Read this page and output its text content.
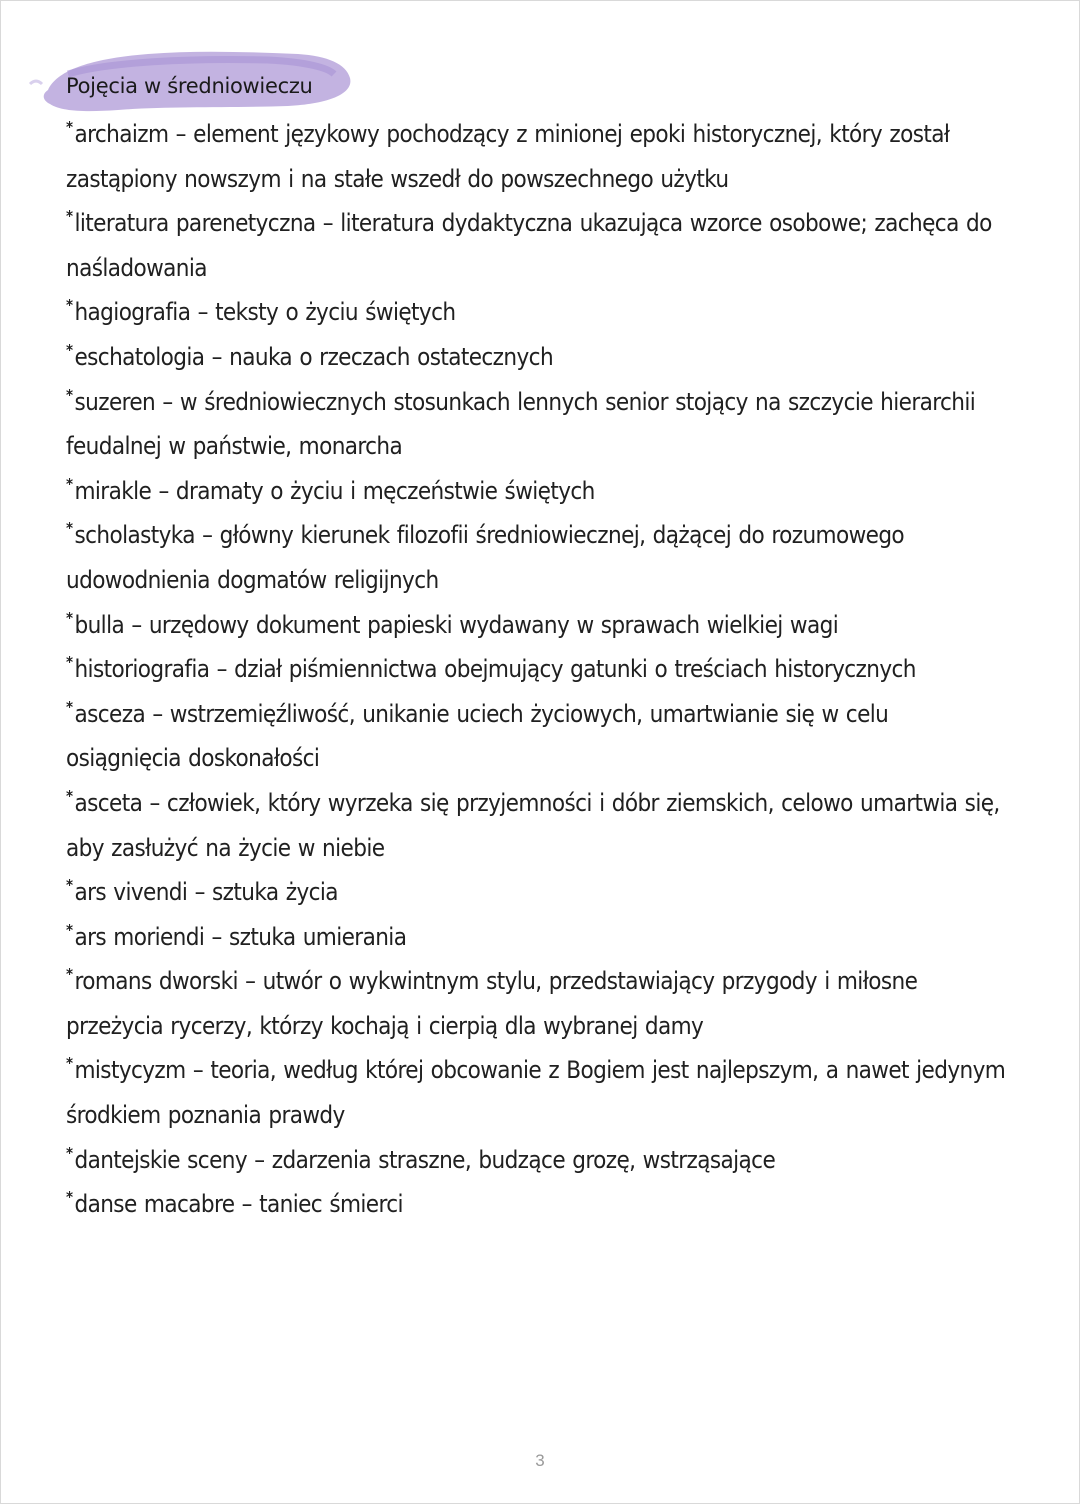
Pojęcia w średniowieczu
*archaizm – element językowy pochodzący z minionej epoki historycznej, który został zastąpiony nowszym i na stałe wszedł do powszechnego użytku
*literatura parenetyczna – literatura dydaktyczna ukazująca wzorce osobowe; zachęca do naśladowania
*hagiografia – teksty o życiu świętych
*eschatologia – nauka o rzeczach ostatecznych
*suzeren – w średniowiecznych stosunkach lennych senior stojący na szczycie hierarchii feudalnej w państwie, monarcha
*mirakle – dramaty o życiu i męczeństwie świętych
*scholastyka – główny kierunek filozofii średniowiecznej, dążącej do rozumowego udowodnienia dogmatów religijnych
*bulla – urzędowy dokument papieski wydawany w sprawach wielkiej wagi
*historiografia – dział piśmiennictwa obejmujący gatunki o treściach historycznych
*asceza – wstrzemięźliwość, unikanie uciech życiowych, umartwianie się w celu osiągnięcia doskonałości
*asceta – człowiek, który wyrzeka się przyjemności i dóbr ziemskich, celowo umartwia się, aby zasłużyć na życie w niebie
*ars vivendi – sztuka życia
*ars moriendi – sztuka umierania
*romans dworski – utwór o wykwintnym stylu, przedstawiający przygody i miłosne przeżycia rycerzy, którzy kochają i cierpią dla wybranej damy
*mistycyzm – teoria, według której obcowanie z Bogiem jest najlepszym, a nawet jedynym środkiem poznania prawdy
*dantejskie sceny – zdarzenia straszne, budzące grozę, wstrząsające
*danse macabre – taniec śmierci
3
